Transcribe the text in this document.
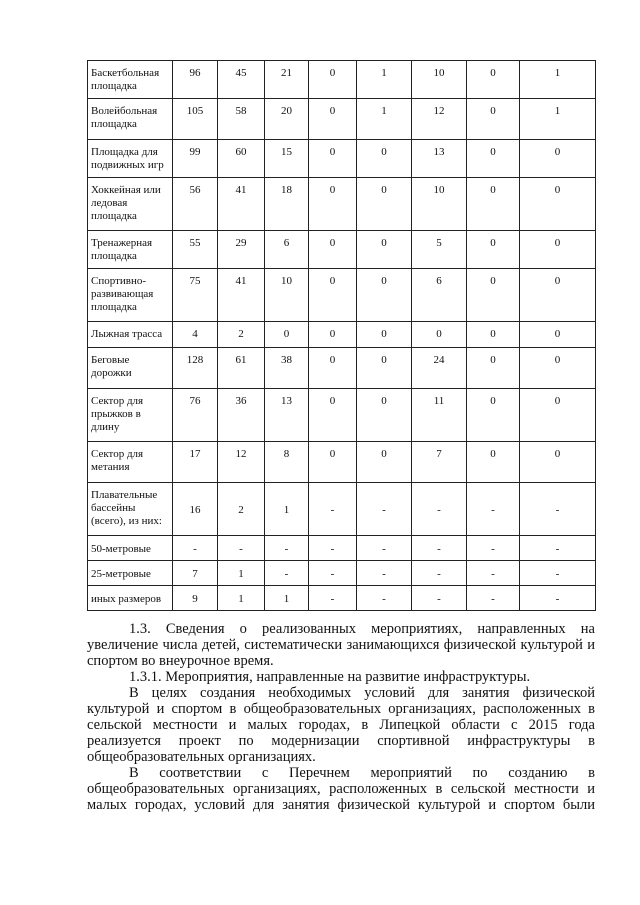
Баскетбольная площадка	96	45	21	0	1	10	0	1
Волейбольная площадка	105	58	20	0	1	12	0	1
Площадка для подвижных игр	99	60	15	0	0	13	0	0
Хоккейная или ледовая площадка	56	41	18	0	0	10	0	0
Тренажерная площадка	55	29	6	0	0	5	0	0
Спортивно-развивающая площадка	75	41	10	0	0	6	0	0
Лыжная трасса	4	2	0	0	0	0	0	0
Беговые дорожки	128	61	38	0	0	24	0	0
Сектор для прыжков в длину	76	36	13	0	0	11	0	0
Сектор для метания	17	12	8	0	0	7	0	0
Плавательные бассейны (всего), из них:	16	2	1	-	-	-	-	-
50-метровые	-	-	-	-	-	-	-	-
25-метровые	7	1	-	-	-	-	-	-
иных размеров	9	1	1	-	-	-	-	-

1.3. Сведения о реализованных мероприятиях, направленных на увеличение числа детей, систематически занимающихся физической культурой и спортом во внеурочное время.

1.3.1. Мероприятия, направленные на развитие инфраструктуры.

В целях создания необходимых условий для занятия физической культурой и спортом в общеобразовательных организациях, расположенных в сельской местности и малых городах, в Липецкой области с 2015 года реализуется проект по модернизации спортивной инфраструктуры в общеобразовательных организациях.

В соответствии с Перечнем мероприятий по созданию в общеобразовательных организациях, расположенных в сельской местности и малых городах, условий для занятия физической культурой и спортом были
